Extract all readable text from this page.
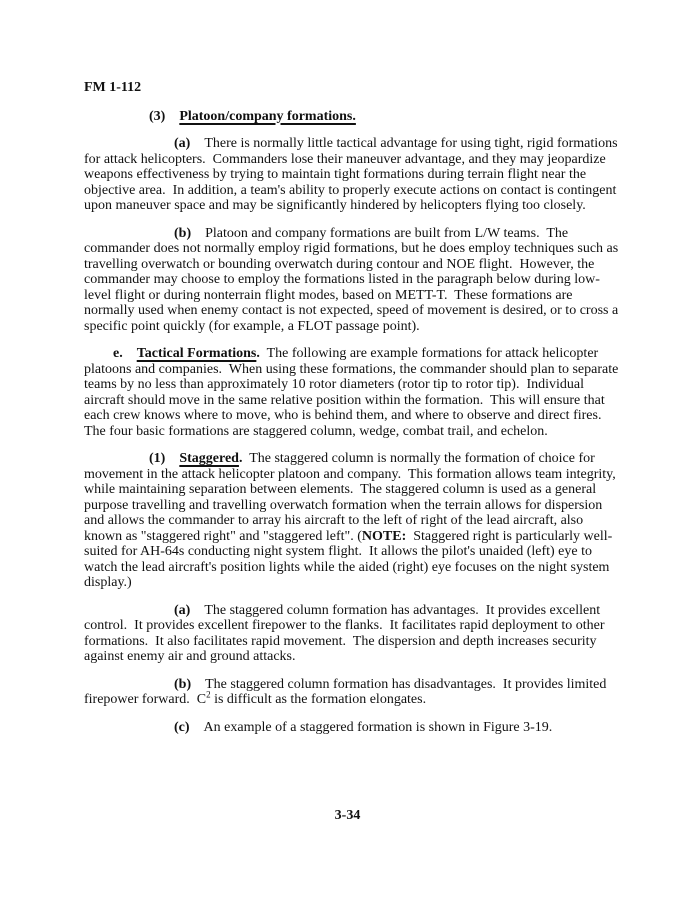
FM 1-112

(3) Platoon/company formations.

(a) There is normally little tactical advantage for using tight, rigid formations for attack helicopters.  Commanders lose their maneuver advantage, and they may jeopardize weapons effectiveness by trying to maintain tight formations during terrain flight near the objective area.  In addition, a team's ability to properly execute actions on contact is contingent upon maneuver space and may be significantly hindered by helicopters flying too closely.

(b) Platoon and company formations are built from L/W teams.  The commander does not normally employ rigid formations, but he does employ techniques such as travelling overwatch or bounding overwatch during contour and NOE flight.  However, the commander may choose to employ the formations listed in the paragraph below during low-level flight or during nonterrain flight modes, based on METT-T.  These formations are normally used when enemy contact is not expected, speed of movement is desired, or to cross a specific point quickly (for example, a FLOT passage point).

e. Tactical Formations.  The following are example formations for attack helicopter platoons and companies.  When using these formations, the commander should plan to separate teams by no less than approximately 10 rotor diameters (rotor tip to rotor tip).  Individual aircraft should move in the same relative position within the formation.  This will ensure that each crew knows where to move, who is behind them, and where to observe and direct fires.  The four basic formations are staggered column, wedge, combat trail, and echelon.

(1) Staggered.  The staggered column is normally the formation of choice for movement in the attack helicopter platoon and company.  This formation allows team integrity, while maintaining separation between elements.  The staggered column is used as a general purpose travelling and travelling overwatch formation when the terrain allows for dispersion and allows the commander to array his aircraft to the left of right of the lead aircraft, also known as "staggered right" and "staggered left". (NOTE:  Staggered right is particularly well-suited for AH-64s conducting night system flight.  It allows the pilot's unaided (left) eye to watch the lead aircraft's position lights while the aided (right) eye focuses on the night system display.)

(a) The staggered column formation has advantages.  It provides excellent control.  It provides excellent firepower to the flanks.  It facilitates rapid deployment to other formations.  It also facilitates rapid movement.  The dispersion and depth increases security against enemy air and ground attacks.

(b) The staggered column formation has disadvantages.  It provides limited firepower forward.  $C^2$ is difficult as the formation elongates.

(c) An example of a staggered formation is shown in Figure 3-19.

3-34
